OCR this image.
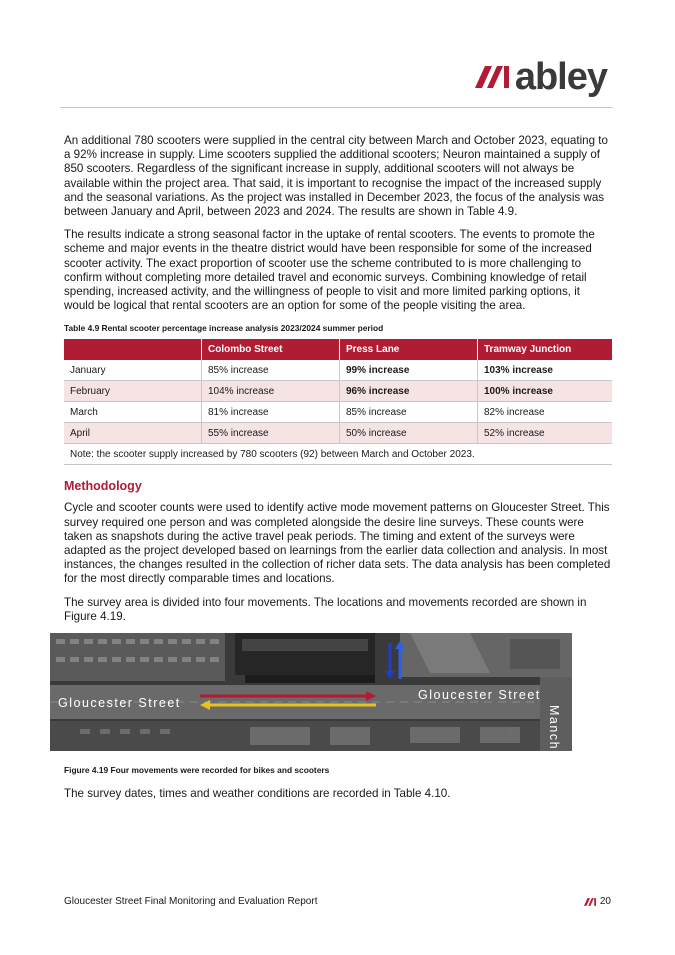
abley

An additional 780 scooters were supplied in the central city between March and October 2023, equating to a 92% increase in supply. Lime scooters supplied the additional scooters; Neuron maintained a supply of 850 scooters. Regardless of the significant increase in supply, additional scooters will not always be available within the project area. That said, it is important to recognise the impact of the increased supply and the seasonal variations. As the project was installed in December 2023, the focus of the analysis was between January and April, between 2023 and 2024. The results are shown in Table 4.9.

The results indicate a strong seasonal factor in the uptake of rental scooters. The events to promote the scheme and major events in the theatre district would have been responsible for some of the increased scooter activity. The exact proportion of scooter use the scheme contributed to is more challenging to confirm without completing more detailed travel and economic surveys. Combining knowledge of retail spending, increased activity, and the willingness of people to visit and more limited parking options, it would be logical that rental scooters are an option for some of the people visiting the area.

Table 4.9 Rental scooter percentage increase analysis 2023/2024 summer period
	Colombo Street	Press Lane	Tramway Junction
January	85% increase	99% increase	103% increase
February	104% increase	96% increase	100% increase
March	81% increase	85% increase	82% increase
April	55% increase	50% increase	52% increase
Note: the scooter supply increased by 780 scooters (92) between March and October 2023.			
Methodology

Cycle and scooter counts were used to identify active mode movement patterns on Gloucester Street. This survey required one person and was completed alongside the desire line surveys. These counts were taken as snapshots during the active travel peak periods. The timing and extent of the surveys were adapted as the project developed based on learnings from the earlier data collection and analysis. In most instances, the changes resulted in the collection of richer data sets. The data analysis has been completed for the most directly comparable times and locations.

The survey area is divided into four movements. The locations and movements recorded are shown in Figure 4.19.

Gloucester Street
Gloucester Street
Manch
Figure 4.19 Four movements were recorded for bikes and scooters

The survey dates, times and weather conditions are recorded in Table 4.10.

Gloucester Street Final Monitoring and Evaluation Report	20
